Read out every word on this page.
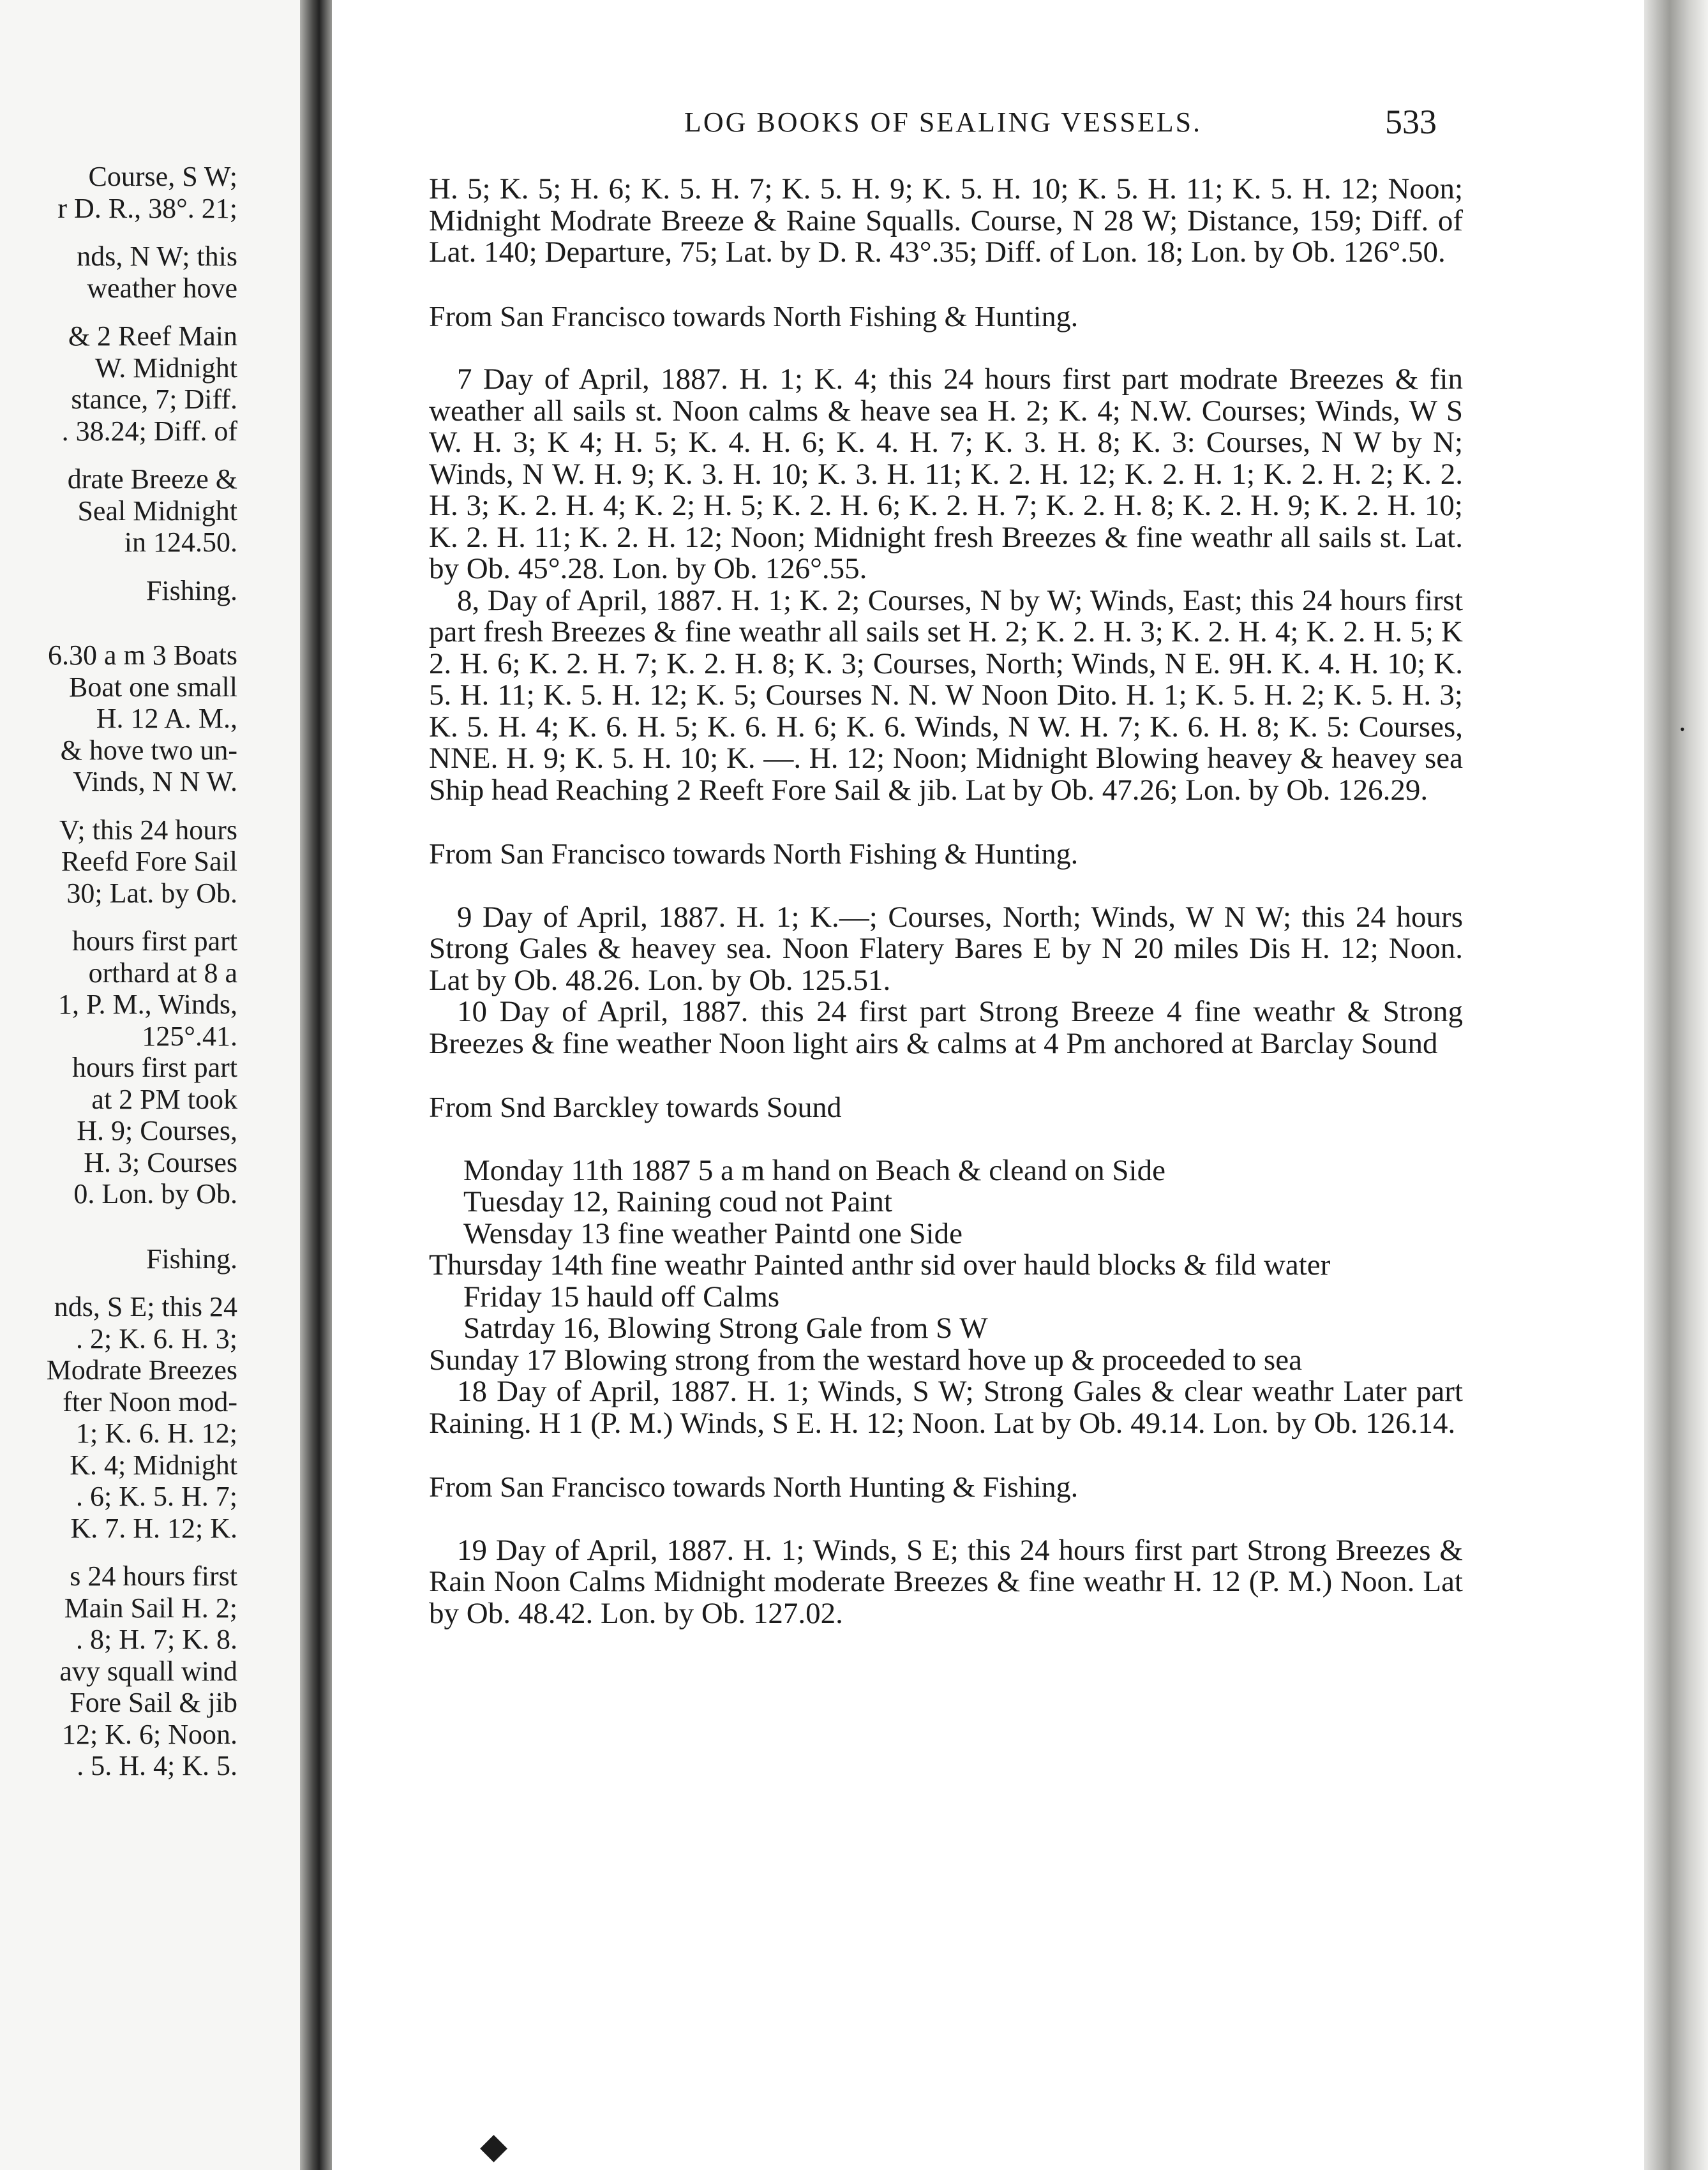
Course, S W;
r D. R., 38°. 21;
nds, N W; this
weather hove
& 2 Reef Main
W. Midnight
stance, 7; Diff.
. 38.24; Diff. of
drate Breeze &
Seal Midnight
in 124.50.
Fishing.
6.30 a m 3 Boats
Boat one small
H. 12 A. M.,
& hove two un-
Vinds, N N W.
V; this 24 hours
Reefd Fore Sail
30; Lat. by Ob.
hours first part
orthard at 8 a
1, P. M., Winds,
125°.41.
hours first part
at 2 PM took
H. 9; Courses,
H. 3; Courses
0. Lon. by Ob.
Fishing.
nds, S E; this 24
. 2; K. 6. H. 3;
Modrate Breezes
fter Noon mod-
1; K. 6. H. 12;
K. 4; Midnight
. 6; K. 5. H. 7;
K. 7. H. 12; K.
s 24 hours first
Main Sail H. 2;
. 8; H. 7; K. 8.
avy squall wind
Fore Sail & jib
12; K. 6; Noon.
. 5. H. 4; K. 5.
LOG BOOKS OF SEALING VESSELS.	533

H. 5; K. 5; H. 6; K. 5. H. 7; K. 5. H. 9; K. 5. H. 10; K. 5. H. 11; K. 5. H. 12; Noon; Midnight Modrate Breeze & Raine Squalls. Course, N 28 W; Distance, 159; Diff. of Lat. 140; Departure, 75; Lat. by D. R. 43°.35; Diff. of Lon. 18; Lon. by Ob. 126°.50.

From San Francisco towards North Fishing & Hunting.

7 Day of April, 1887. H. 1; K. 4; this 24 hours first part modrate Breezes & fin weather all sails st. Noon calms & heave sea H. 2; K. 4; N.W. Courses; Winds, W S W. H. 3; K 4; H. 5; K. 4. H. 6; K. 4. H. 7; K. 3. H. 8; K. 3: Courses, N W by N; Winds, N W. H. 9; K. 3. H. 10; K. 3. H. 11; K. 2. H. 12; K. 2. H. 1; K. 2. H. 2; K. 2. H. 3; K. 2. H. 4; K. 2; H. 5; K. 2. H. 6; K. 2. H. 7; K. 2. H. 8; K. 2. H. 9; K. 2. H. 10; K. 2. H. 11; K. 2. H. 12; Noon; Midnight fresh Breezes & fine weathr all sails st. Lat. by Ob. 45°.28. Lon. by Ob. 126°.55.

8, Day of April, 1887. H. 1; K. 2; Courses, N by W; Winds, East; this 24 hours first part fresh Breezes & fine weathr all sails set H. 2; K. 2. H. 3; K. 2. H. 4; K. 2. H. 5; K 2. H. 6; K. 2. H. 7; K. 2. H. 8; K. 3; Courses, North; Winds, N E. 9H. K. 4. H. 10; K. 5. H. 11; K. 5. H. 12; K. 5; Courses N. N. W Noon Dito. H. 1; K. 5. H. 2; K. 5. H. 3; K. 5. H. 4; K. 6. H. 5; K. 6. H. 6; K. 6. Winds, N W. H. 7; K. 6. H. 8; K. 5: Courses, NNE. H. 9; K. 5. H. 10; K. —. H. 12; Noon; Midnight Blowing heavey & heavey sea Ship head Reaching 2 Reeft Fore Sail & jib. Lat by Ob. 47.26; Lon. by Ob. 126.29.

From San Francisco towards North Fishing & Hunting.

9 Day of April, 1887. H. 1; K.—; Courses, North; Winds, W N W; this 24 hours Strong Gales & heavey sea. Noon Flatery Bares E by N 20 miles Dis H. 12; Noon. Lat by Ob. 48.26. Lon. by Ob. 125.51.

10 Day of April, 1887. this 24 first part Strong Breeze 4 fine weathr & Strong Breezes & fine weather Noon light airs & calms at 4 Pm anchored at Barclay Sound

From Snd Barckley towards Sound

Monday 11th 1887 5 a m hand on Beach & cleand on Side

Tuesday 12, Raining coud not Paint

Wensday 13 fine weather Paintd one Side

Thursday 14th fine weathr Painted anthr sid over hauld blocks & fild water

Friday 15 hauld off Calms

Satrday 16, Blowing Strong Gale from S W

Sunday 17 Blowing strong from the westard hove up & proceeded to sea

18 Day of April, 1887. H. 1; Winds, S W; Strong Gales & clear weathr Later part Raining. H 1 (P. M.) Winds, S E. H. 12; Noon. Lat by Ob. 49.14. Lon. by Ob. 126.14.

From San Francisco towards North Hunting & Fishing.

19 Day of April, 1887. H. 1; Winds, S E; this 24 hours first part Strong Breezes & Rain Noon Calms Midnight moderate Breezes & fine weathr H. 12 (P. M.) Noon. Lat by Ob. 48.42. Lon. by Ob. 127.02.

•
◆
